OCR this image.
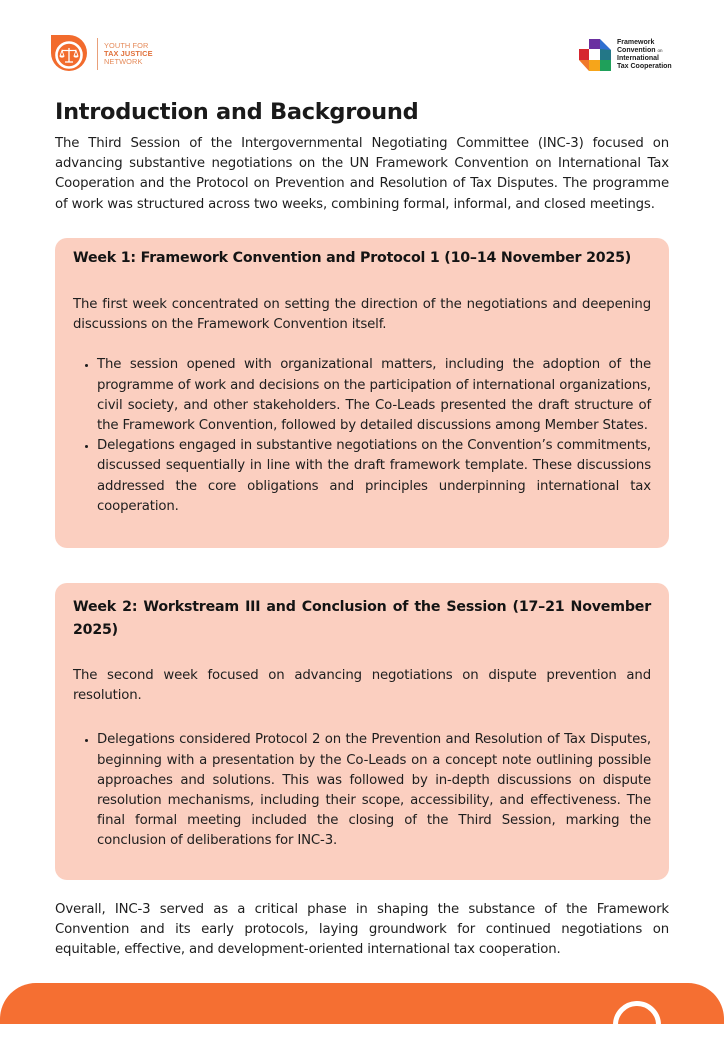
YOUTH FOR
TAX JUSTICE
NETWORK
Framework
Convention on
International
Tax Cooperation
Introduction and Background

The Third Session of the Intergovernmental Negotiating Committee (INC-3) focused on advancing substantive negotiations on the UN Framework Convention on International Tax Cooperation and the Protocol on Prevention and Resolution of Tax Disputes. The programme of work was structured across two weeks, combining formal, informal, and closed meetings.

Week 1: Framework Convention and Protocol 1 (10–14 November 2025)

The first week concentrated on setting the direction of the negotiations and deepening discussions on the Framework Convention itself.

The session opened with organizational matters, including the adoption of the programme of work and decisions on the participation of international organizations, civil society, and other stakeholders. The Co-Leads presented the draft structure of the Framework Convention, followed by detailed discussions among Member States.
Delegations engaged in substantive negotiations on the Convention’s commitments, discussed sequentially in line with the draft framework template. These discussions addressed the core obligations and principles underpinning international tax cooperation.
Week 2: Workstream III and Conclusion of the Session (17–21 November 2025)

The second week focused on advancing negotiations on dispute prevention and resolution.

Delegations considered Protocol 2 on the Prevention and Resolution of Tax Disputes, beginning with a presentation by the Co-Leads on a concept note outlining possible approaches and solutions. This was followed by in-depth discussions on dispute resolution mechanisms, including their scope, accessibility, and effectiveness. The final formal meeting included the closing of the Third Session, marking the conclusion of deliberations for INC-3.

Overall, INC-3 served as a critical phase in shaping the substance of the Framework Convention and its early protocols, laying groundwork for continued negotiations on equitable, effective, and development-oriented international tax cooperation.
